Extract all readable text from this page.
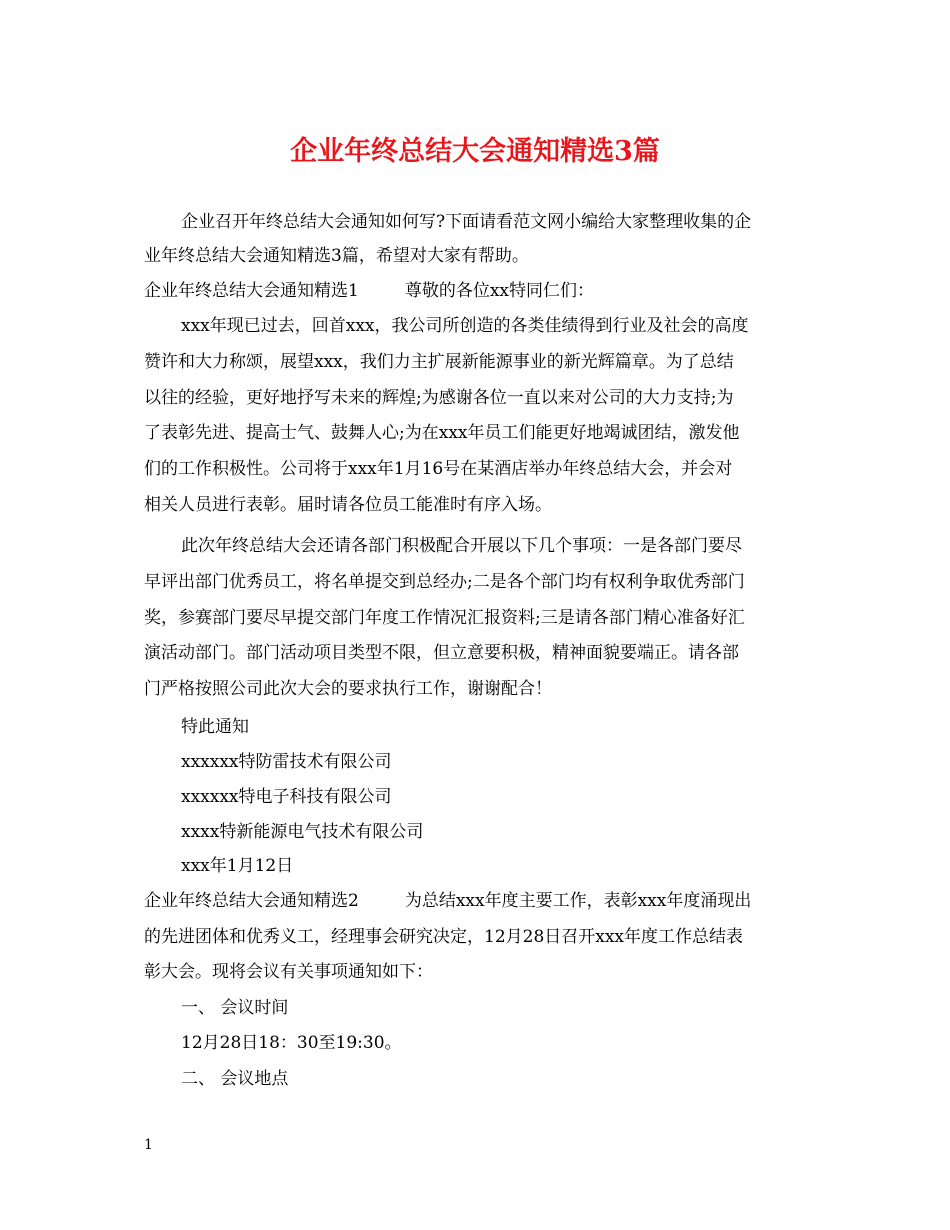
企业年终总结大会通知精选3篇

企业召开年终总结大会通知如何写?下面请看范文网小编给大家整理收集的企

业年终总结大会通知精选3篇，希望对大家有帮助。

企业年终总结大会通知精选1	尊敬的各位xx特同仁们：

xxx年现已过去，回首xxx，我公司所创造的各类佳绩得到行业及社会的高度

赞许和大力称颂，展望xxx，我们力主扩展新能源事业的新光辉篇章。为了总结

以往的经验，更好地抒写未来的辉煌;为感谢各位一直以来对公司的大力支持;为

了表彰先进、提高士气、鼓舞人心;为在xxx年员工们能更好地竭诚团结，激发他

们的工作积极性。公司将于xxx年1月16号在某酒店举办年终总结大会，并会对

相关人员进行表彰。届时请各位员工能准时有序入场。

此次年终总结大会还请各部门积极配合开展以下几个事项：一是各部门要尽

早评出部门优秀员工，将名单提交到总经办;二是各个部门均有权利争取优秀部门

奖，参赛部门要尽早提交部门年度工作情况汇报资料;三是请各部门精心准备好汇

演活动部门。部门活动项目类型不限，但立意要积极，精神面貌要端正。请各部

门严格按照公司此次大会的要求执行工作，谢谢配合！

特此通知

xxxxxx特防雷技术有限公司

xxxxxx特电子科技有限公司

xxxx特新能源电气技术有限公司

xxx年1月12日

企业年终总结大会通知精选2	为总结xxx年度主要工作，表彰xxx年度涌现出

的先进团体和优秀义工，经理事会研究决定，12月28日召开xxx年度工作总结表

彰大会。现将会议有关事项通知如下：

一、 会议时间

12月28日18：30至19:30。

二、 会议地点

1
